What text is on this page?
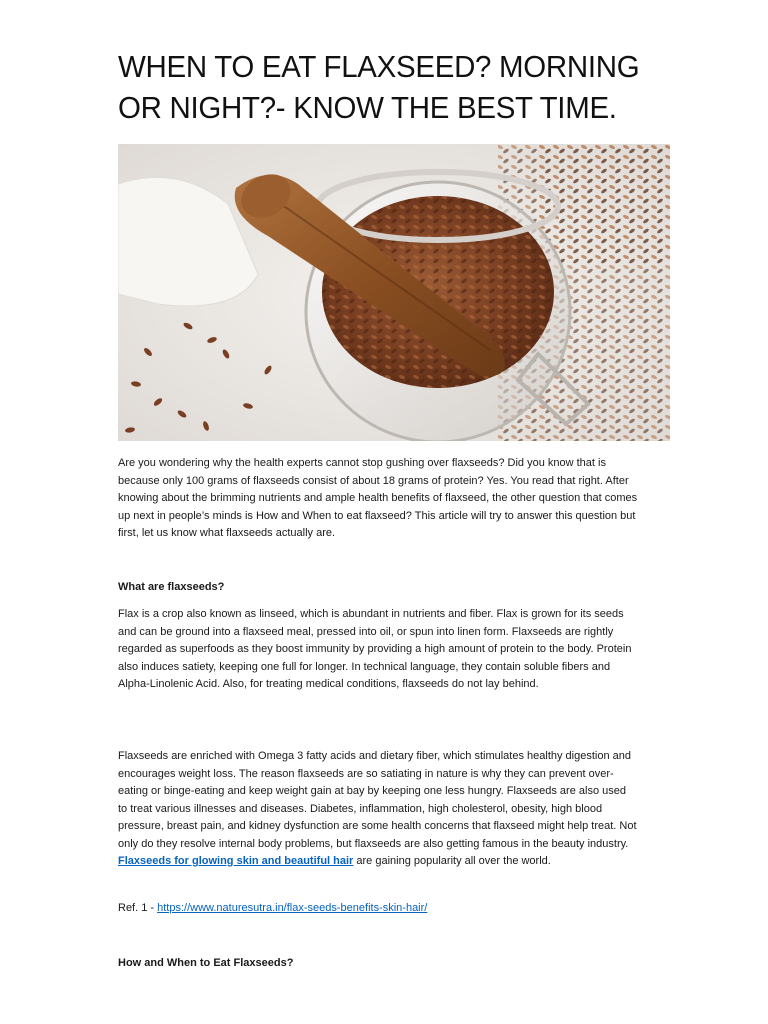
WHEN TO EAT FLAXSEED? MORNING OR NIGHT?- KNOW THE BEST TIME.

Are you wondering why the health experts cannot stop gushing over flaxseeds? Did you know that is because only 100 grams of flaxseeds consist of about 18 grams of protein? Yes. You read that right. After knowing about the brimming nutrients and ample health benefits of flaxseed, the other question that comes up next in people’s minds is How and When to eat flaxseed? This article will try to answer this question but first, let us know what flaxseeds actually are.

What are flaxseeds?

Flax is a crop also known as linseed, which is abundant in nutrients and fiber. Flax is grown for its seeds and can be ground into a flaxseed meal, pressed into oil, or spun into linen form. Flaxseeds are rightly regarded as superfoods as they boost immunity by providing a high amount of protein to the body. Protein also induces satiety, keeping one full for longer. In technical language, they contain soluble fibers and Alpha-Linolenic Acid. Also, for treating medical conditions, flaxseeds do not lay behind.

Flaxseeds are enriched with Omega 3 fatty acids and dietary fiber, which stimulates healthy digestion and encourages weight loss. The reason flaxseeds are so satiating in nature is why they can prevent over-eating or binge-eating and keep weight gain at bay by keeping one less hungry. Flaxseeds are also used to treat various illnesses and diseases. Diabetes, inflammation, high cholesterol, obesity, high blood pressure, breast pain, and kidney dysfunction are some health concerns that flaxseed might help treat. Not only do they resolve internal body problems, but flaxseeds are also getting famous in the beauty industry. Flaxseeds for glowing skin and beautiful hair are gaining popularity all over the world.

Ref. 1 - https://www.naturesutra.in/flax-seeds-benefits-skin-hair/

How and When to Eat Flaxseeds?
